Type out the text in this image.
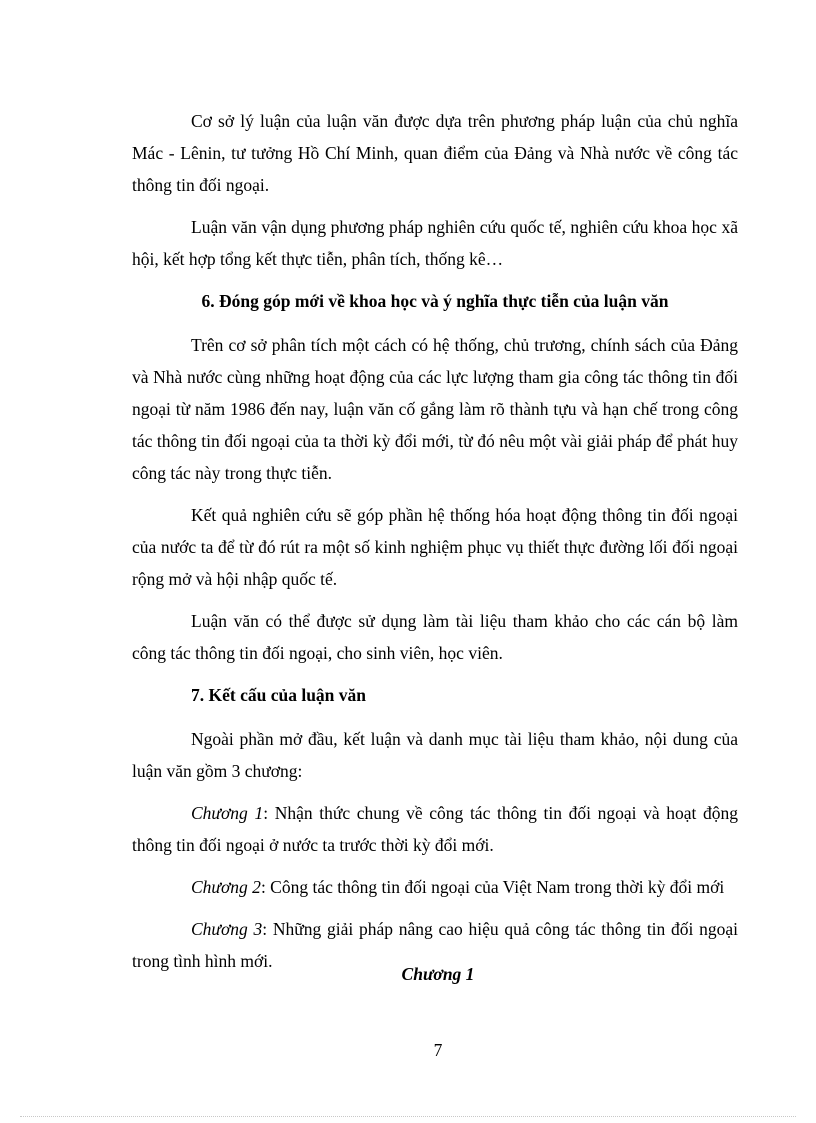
Cơ sở lý luận của luận văn được dựa trên phương pháp luận của chủ nghĩa Mác - Lênin, tư tưởng Hồ Chí Minh, quan điểm của Đảng và Nhà nước về công tác thông tin đối ngoại.

Luận văn vận dụng phương pháp nghiên cứu quốc tế, nghiên cứu khoa học xã hội, kết hợp tổng kết thực tiễn, phân tích, thống kê…

6. Đóng góp mới về khoa học và ý nghĩa thực tiễn của luận văn

Trên cơ sở phân tích một cách có hệ thống, chủ trương, chính sách của Đảng và Nhà nước cùng những hoạt động của các lực lượng tham gia công tác thông tin đối ngoại từ năm 1986 đến nay, luận văn cố gắng làm rõ thành tựu và hạn chế trong công tác thông tin đối ngoại của ta thời kỳ đổi mới, từ đó nêu một vài giải pháp để phát huy công tác này trong thực tiễn.

Kết quả nghiên cứu sẽ góp phần hệ thống hóa hoạt động thông tin đối ngoại của nước ta để từ đó rút ra một số kinh nghiệm phục vụ thiết thực đường lối đối ngoại rộng mở và hội nhập quốc tế.

Luận văn có thể được sử dụng làm tài liệu tham khảo cho các cán bộ làm công tác thông tin đối ngoại, cho sinh viên, học viên.

7. Kết cấu của luận văn

Ngoài phần mở đầu, kết luận và danh mục tài liệu tham khảo, nội dung của luận văn gồm 3 chương:

Chương 1: Nhận thức chung về công tác thông tin đối ngoại và hoạt động thông tin đối ngoại ở nước ta trước thời kỳ đổi mới.

Chương 2: Công tác thông tin đối ngoại của Việt Nam trong thời kỳ đổi mới

Chương 3: Những giải pháp nâng cao hiệu quả công tác thông tin đối ngoại trong tình hình mới.

Chương 1
7
